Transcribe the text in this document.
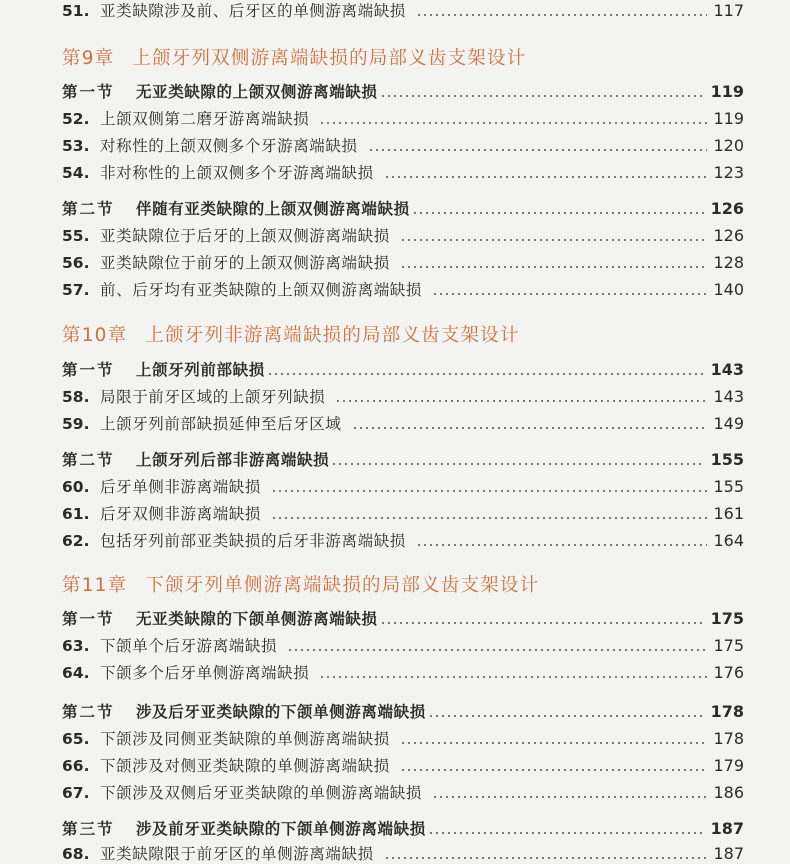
51. 亚类缺隙涉及前、后牙区的单侧游离端缺损	117
第9章 上颌牙列双侧游离端缺损的局部义齿支架设计
第一节	无亚类缺隙的上颌双侧游离端缺损	119
52. 上颌双侧第二磨牙游离端缺损	119
53. 对称性的上颌双侧多个牙游离端缺损	120
54. 非对称性的上颌双侧多个牙游离端缺损	123
第二节	伴随有亚类缺隙的上颌双侧游离端缺损	126
55. 亚类缺隙位于后牙的上颌双侧游离端缺损	126
56. 亚类缺隙位于前牙的上颌双侧游离端缺损	128
57. 前、后牙均有亚类缺隙的上颌双侧游离端缺损	140
第10章 上颌牙列非游离端缺损的局部义齿支架设计
第一节	上颌牙列前部缺损	143
58. 局限于前牙区域的上颌牙列缺损	143
59. 上颌牙列前部缺损延伸至后牙区域	149
第二节	上颌牙列后部非游离端缺损	155
60. 后牙单侧非游离端缺损	155
61. 后牙双侧非游离端缺损	161
62. 包括牙列前部亚类缺损的后牙非游离端缺损	164
第11章 下颌牙列单侧游离端缺损的局部义齿支架设计
第一节	无亚类缺隙的下颌单侧游离端缺损	175
63. 下颌单个后牙游离端缺损	175
64. 下颌多个后牙单侧游离端缺损	176
第二节	涉及后牙亚类缺隙的下颌单侧游离端缺损	178
65. 下颌涉及同侧亚类缺隙的单侧游离端缺损	178
66. 下颌涉及对侧亚类缺隙的单侧游离端缺损	179
67. 下颌涉及双侧后牙亚类缺隙的单侧游离端缺损	186
第三节	涉及前牙亚类缺隙的下颌单侧游离端缺损	187
68. 亚类缺隙限于前牙区的单侧游离端缺损	187
